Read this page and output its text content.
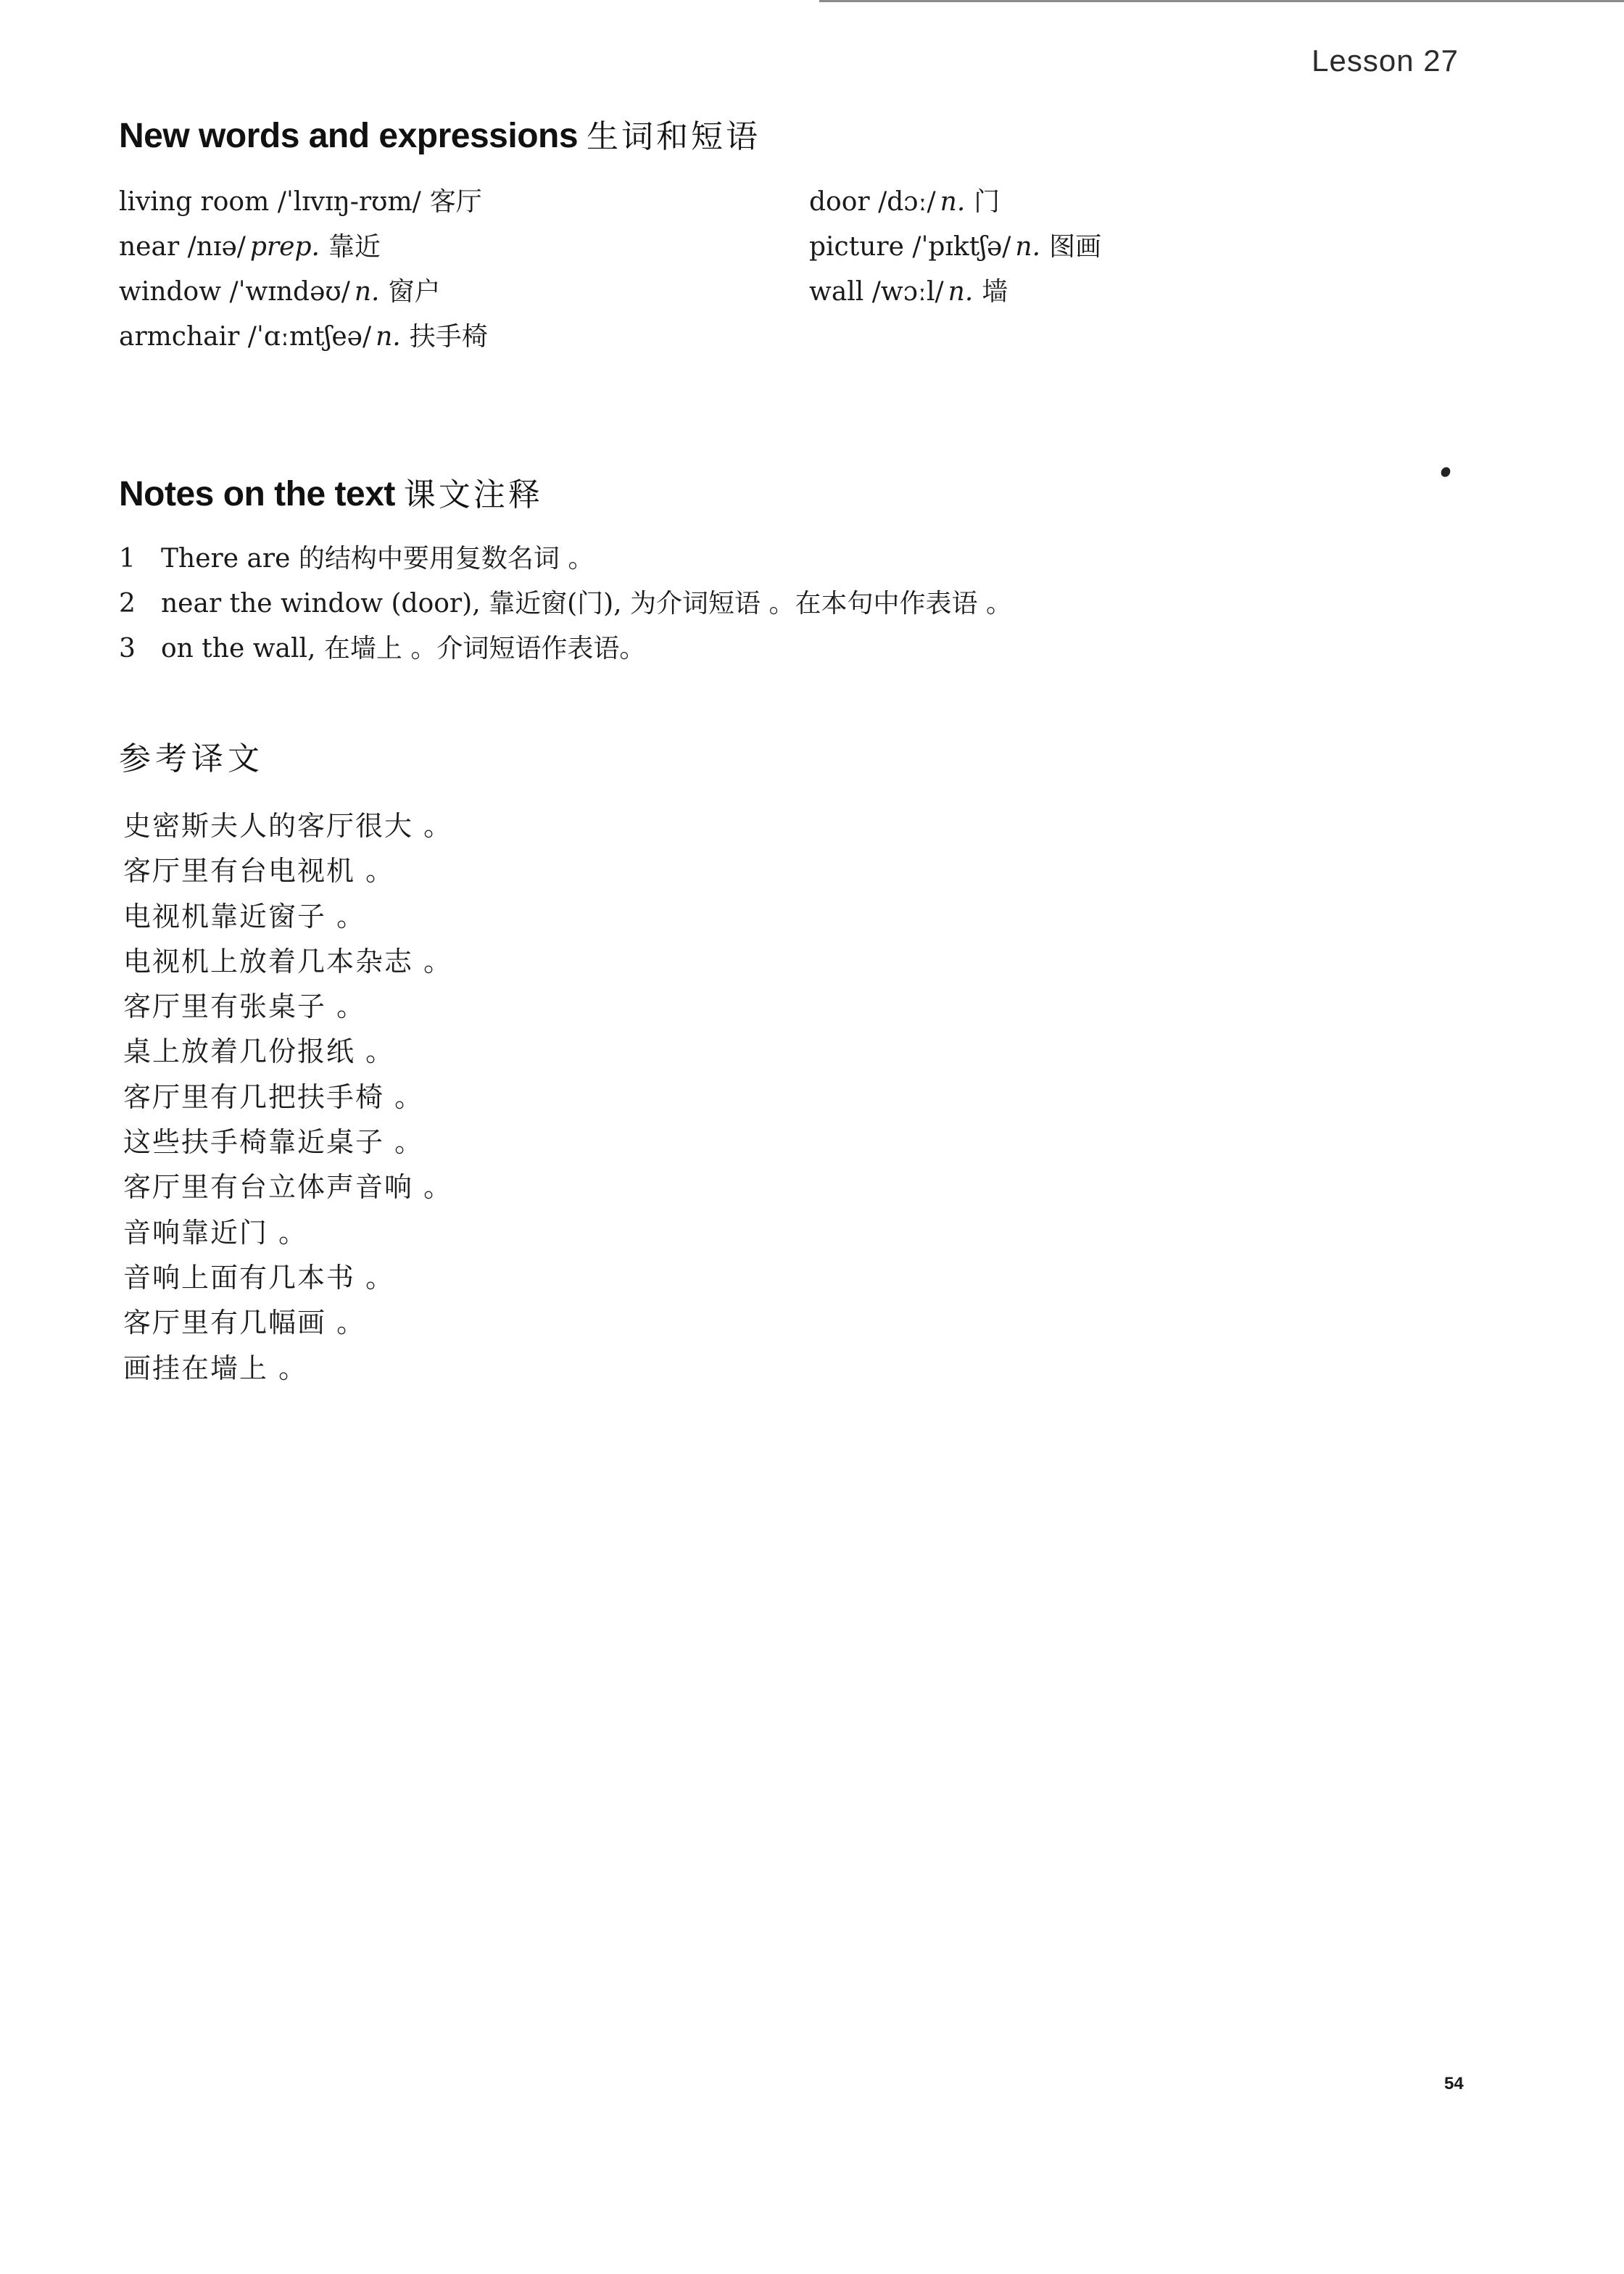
Lesson 27
New words and expressions 生词和短语
living room /ˈlɪvɪŋ-rʊm/ 客厅
near /nɪə/ prep. 靠近
window /ˈwɪndəʊ/ n. 窗户
armchair /ˈɑːmtʃeə/ n. 扶手椅
door /dɔː/ n. 门
picture /ˈpɪktʃə/ n. 图画
wall /wɔːl/ n. 墙
Notes on the text 课文注释
1 There are 的结构中要用复数名词 。
2 near the window (door), 靠近窗(门), 为介词短语 。在本句中作表语 。
3 on the wall, 在墙上 。介词短语作表语。
参考译文
史密斯夫人的客厅很大 。
客厅里有台电视机 。
电视机靠近窗子 。
电视机上放着几本杂志 。
客厅里有张桌子 。
桌上放着几份报纸 。
客厅里有几把扶手椅 。
这些扶手椅靠近桌子 。
客厅里有台立体声音响 。
音响靠近门 。
音响上面有几本书 。
客厅里有几幅画 。
画挂在墙上 。
54
